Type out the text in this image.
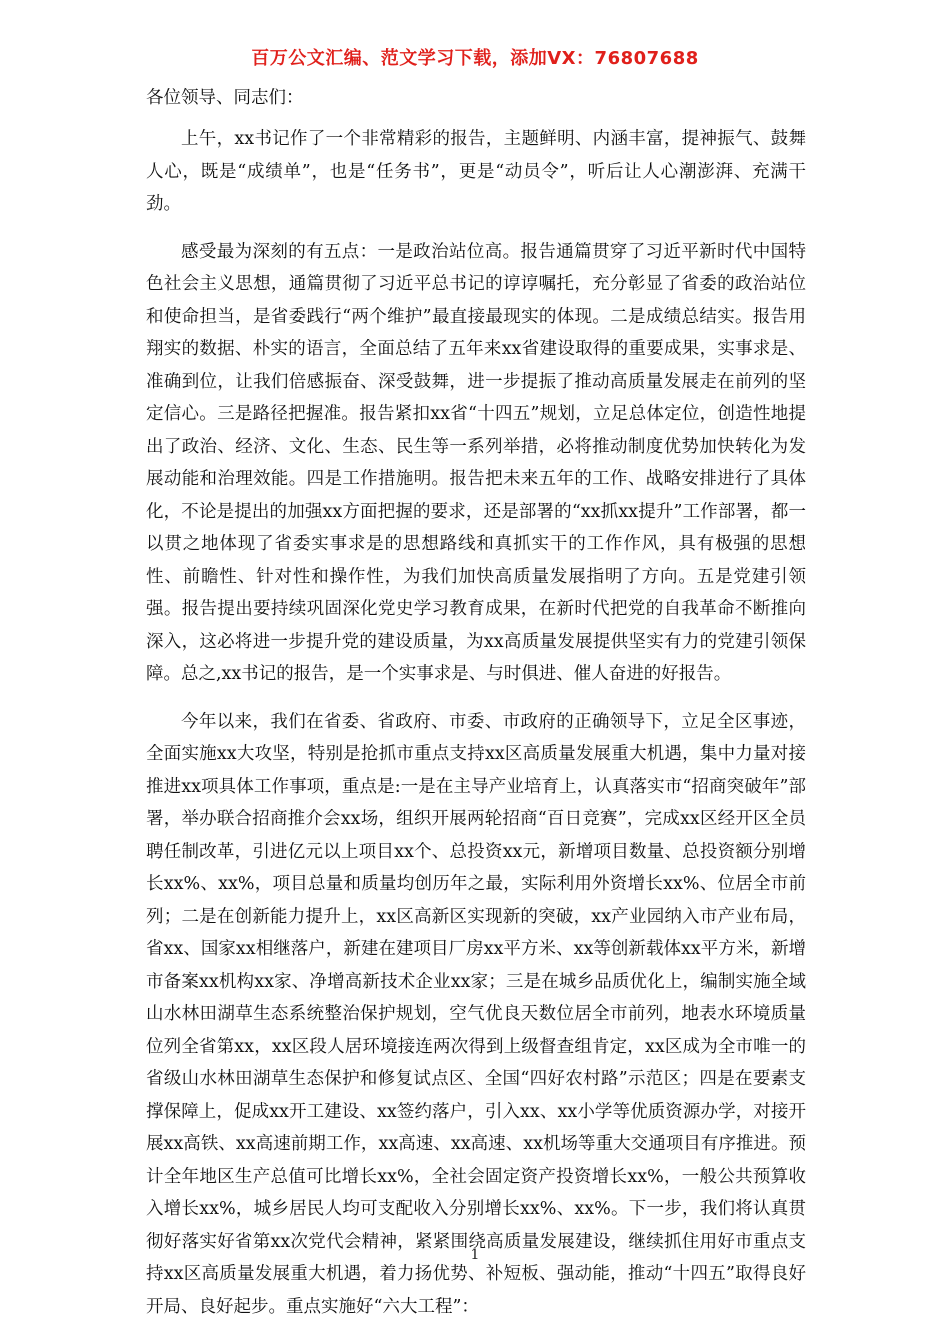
百万公文汇编、范文学习下载，添加VX：76807688

各位领导、同志们：

上午，xx书记作了一个非常精彩的报告，主题鲜明、内涵丰富，提神振气、鼓舞人心，既是“成绩单”，也是“任务书”，更是“动员令”，听后让人心潮澎湃、充满干劲。

感受最为深刻的有五点：一是政治站位高。报告通篇贯穿了习近平新时代中国特色社会主义思想，通篇贯彻了习近平总书记的谆谆嘱托，充分彰显了省委的政治站位和使命担当，是省委践行“两个维护”最直接最现实的体现。二是成绩总结实。报告用翔实的数据、朴实的语言，全面总结了五年来xx省建设取得的重要成果，实事求是、准确到位，让我们倍感振奋、深受鼓舞，进一步提振了推动高质量发展走在前列的坚定信心。三是路径把握准。报告紧扣xx省“十四五”规划，立足总体定位，创造性地提出了政治、经济、文化、生态、民生等一系列举措，必将推动制度优势加快转化为发展动能和治理效能。四是工作措施明。报告把未来五年的工作、战略安排进行了具体化，不论是提出的加强xx方面把握的要求，还是部署的“xx抓xx提升”工作部署，都一以贯之地体现了省委实事求是的思想路线和真抓实干的工作作风，具有极强的思想性、前瞻性、针对性和操作性，为我们加快高质量发展指明了方向。五是党建引领强。报告提出要持续巩固深化党史学习教育成果，在新时代把党的自我革命不断推向深入，这必将进一步提升党的建设质量，为xx高质量发展提供坚实有力的党建引领保障。总之,xx书记的报告，是一个实事求是、与时俱进、催人奋进的好报告。

今年以来，我们在省委、省政府、市委、市政府的正确领导下，立足全区事迹，全面实施xx大攻坚，特别是抢抓市重点支持xx区高质量发展重大机遇，集中力量对接推进xx项具体工作事项，重点是:一是在主导产业培育上，认真落实市“招商突破年”部署，举办联合招商推介会xx场，组织开展两轮招商“百日竞赛”，完成xx区经开区全员聘任制改革，引进亿元以上项目xx个、总投资xx元，新增项目数量、总投资额分别增长xx%、xx%，项目总量和质量均创历年之最，实际利用外资增长xx%、位居全市前列；二是在创新能力提升上，xx区高新区实现新的突破，xx产业园纳入市产业布局，省xx、国家xx相继落户，新建在建项目厂房xx平方米、xx等创新载体xx平方米，新增市备案xx机构xx家、净增高新技术企业xx家；三是在城乡品质优化上，编制实施全域山水林田湖草生态系统整治保护规划，空气优良天数位居全市前列，地表水环境质量位列全省第xx，xx区段人居环境接连两次得到上级督查组肯定，xx区成为全市唯一的省级山水林田湖草生态保护和修复试点区、全国“四好农村路”示范区；四是在要素支撑保障上，促成xx开工建设、xx签约落户，引入xx、xx小学等优质资源办学，对接开展xx高铁、xx高速前期工作，xx高速、xx高速、xx机场等重大交通项目有序推进。预计全年地区生产总值可比增长xx%，全社会固定资产投资增长xx%，一般公共预算收入增长xx%，城乡居民人均可支配收入分别增长xx%、xx%。下一步，我们将认真贯彻好落实好省第xx次党代会精神，紧紧围绕高质量发展建设，继续抓住用好市重点支持xx区高质量发展重大机遇，着力扬优势、补短板、强动能，推动“十四五”取得良好开局、良好起步。重点实施好“六大工程”：

1
